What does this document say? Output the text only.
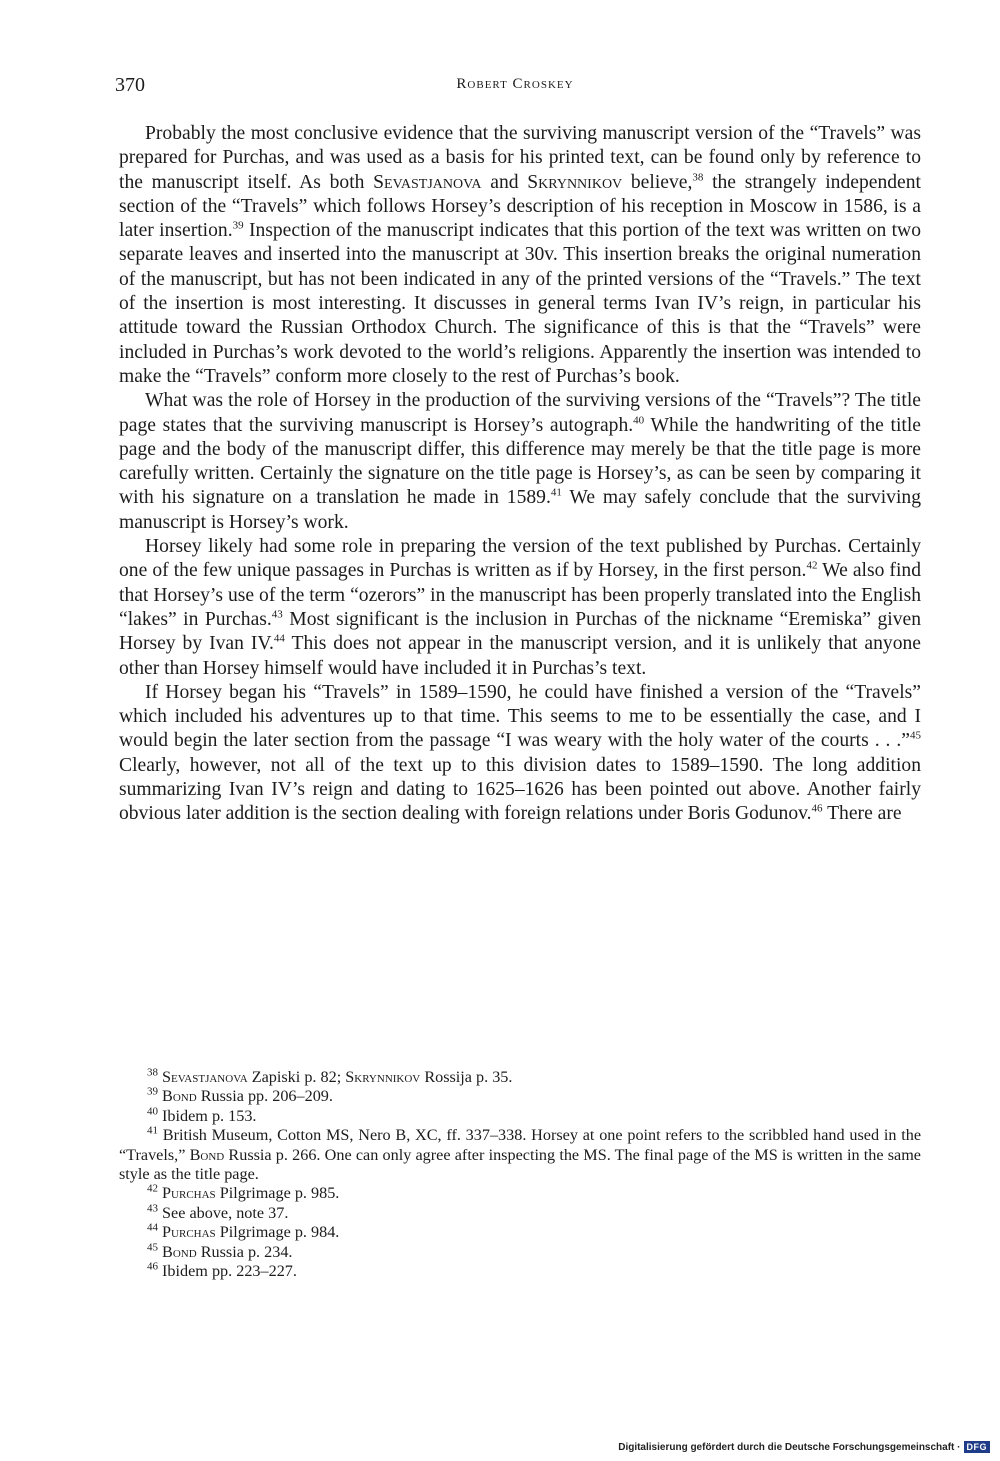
370	Robert Croskey

Probably the most conclusive evidence that the surviving manuscript version of the “Travels” was prepared for Purchas, and was used as a basis for his printed text, can be found only by reference to the manuscript itself. As both Sevastjanova and Skrynnikov believe,$^{38}$ the strangely independent section of the “Travels” which follows Horsey’s description of his reception in Moscow in 1586, is a later insertion.$^{39}$ Inspection of the manuscript indicates that this portion of the text was written on two separate leaves and inserted into the manuscript at 30v. This insertion breaks the original numeration of the manuscript, but has not been indicated in any of the printed versions of the “Travels.” The text of the insertion is most interesting. It discusses in general terms Ivan IV’s reign, in particular his attitude toward the Russian Orthodox Church. The significance of this is that the “Travels” were included in Purchas’s work devoted to the world’s religions. Apparently the insertion was intended to make the “Travels” conform more closely to the rest of Purchas’s book.

What was the role of Horsey in the production of the surviving versions of the “Travels”? The title page states that the surviving manuscript is Horsey’s autograph.$^{40}$ While the handwriting of the title page and the body of the manuscript differ, this difference may merely be that the title page is more carefully written. Certainly the signature on the title page is Horsey’s, as can be seen by comparing it with his signature on a translation he made in 1589.41 We may safely conclude that the surviving manuscript is Horsey’s work.

Horsey likely had some role in preparing the version of the text published by Purchas. Certainly one of the few unique passages in Purchas is written as if by Horsey, in the first person.$^{42}$ We also find that Horsey’s use of the term “ozerors” in the manuscript has been properly translated into the English “lakes” in Purchas.$^{43}$ Most significant is the inclusion in Purchas of the nickname “Eremiska” given Horsey by Ivan IV.$^{44}$ This does not appear in the manuscript version, and it is unlikely that anyone other than Horsey himself would have included it in Purchas’s text.

If Horsey began his “Travels” in 1589–1590, he could have finished a version of the “Travels” which included his adventures up to that time. This seems to me to be essentially the case, and I would begin the later section from the passage “I was weary with the holy water of the courts . . .”$^{45}$ Clearly, however, not all of the text up to this division dates to 1589–1590. The long addition summarizing Ivan IV’s reign and dating to 1625–1626 has been pointed out above. Another fairly obvious later addition is the section dealing with foreign relations under Boris Godunov.$^{46}$ There are

$^{38}$ Sevastjanova Zapiski p. 82; Skrynnikov Rossija p. 35.

$^{39}$ Bond Russia pp. 206–209.

$^{40}$ Ibidem p. 153.

$^{41}$ British Museum, Cotton MS, Nero B, XC, ff. 337–338. Horsey at one point refers to the scribbled hand used in the “Travels,” Bond Russia p. 266. One can only agree after inspecting the MS. The final page of the MS is written in the same style as the title page.

$^{42}$ Purchas Pilgrimage p. 985.

$^{43}$ See above, note 37.

$^{44}$ Purchas Pilgrimage p. 984.

$^{45}$ Bond Russia p. 234.

$^{46}$ Ibidem pp. 223–227.

Digitalisierung gefördert durch die Deutsche Forschungsgemeinschaft · DFG
